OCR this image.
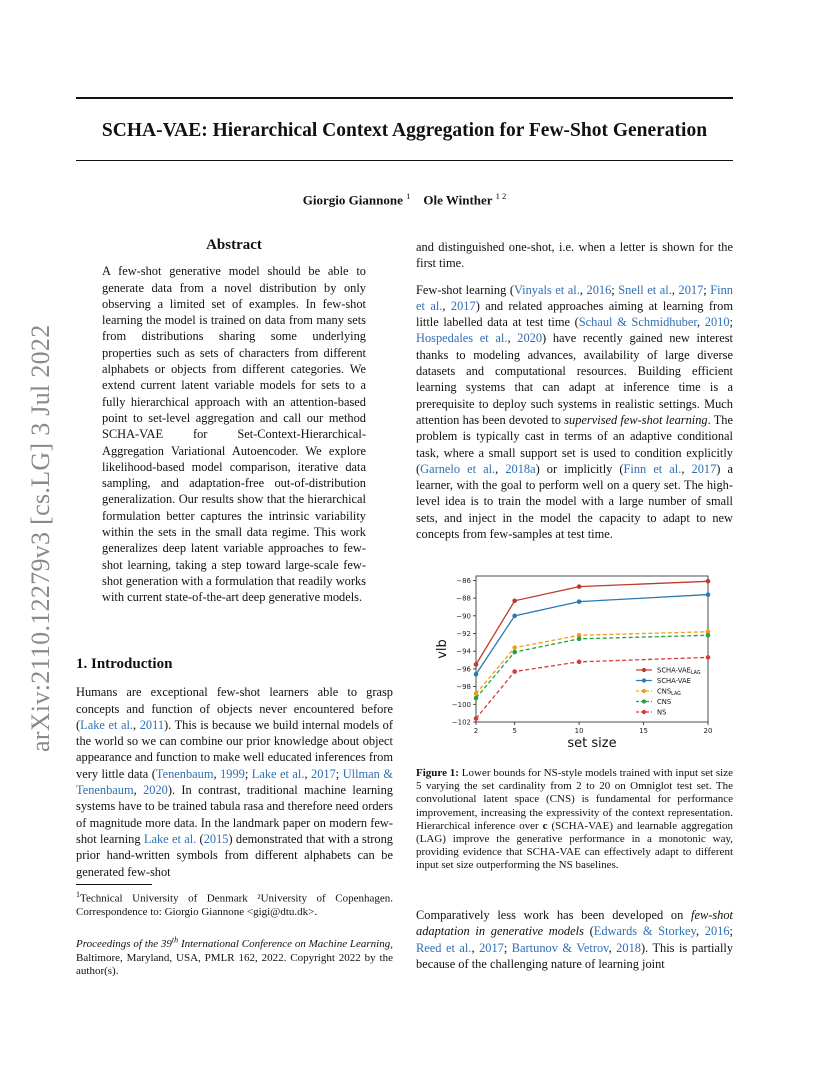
SCHA-VAE: Hierarchical Context Aggregation for Few-Shot Generation
Giorgio Giannone $^1$ Ole Winther $^{1 2}$
arXiv:2110.12279v3 [cs.LG] 3 Jul 2022
Abstract

A few-shot generative model should be able to generate data from a novel distribution by only observing a limited set of examples. In few-shot learning the model is trained on data from many sets from distributions sharing some underlying properties such as sets of characters from different alphabets or objects from different categories. We extend current latent variable models for sets to a fully hierarchical approach with an attention-based point to set-level aggregation and call our method SCHA-VAE for Set-Context-Hierarchical-Aggregation Variational Autoencoder. We explore likelihood-based model comparison, iterative data sampling, and adaptation-free out-of-distribution generalization. Our results show that the hierarchical formulation better captures the intrinsic variability within the sets in the small data regime. This work generalizes deep latent variable approaches to few-shot learning, taking a step toward large-scale few-shot generation with a formulation that readily works with current state-of-the-art deep generative models.

1. Introduction

Humans are exceptional few-shot learners able to grasp concepts and function of objects never encountered before (Lake et al., 2011). This is because we build internal models of the world so we can combine our prior knowledge about object appearance and function to make well educated inferences from very little data (Tenenbaum, 1999; Lake et al., 2017; Ullman & Tenenbaum, 2020). In contrast, traditional machine learning systems have to be trained tabula rasa and therefore need orders of magnitude more data. In the landmark paper on modern few-shot learning Lake et al. (2015) demonstrated that with a strong prior hand-written symbols from different alphabets can be generated few-shot

$^1$Technical University of Denmark ²University of Copenhagen. Correspondence to: Giorgio Giannone <gigi@dtu.dk>.

Proceedings of the 39th International Conference on Machine Learning, Baltimore, Maryland, USA, PMLR 162, 2022. Copyright 2022 by the author(s).

and distinguished one-shot, i.e. when a letter is shown for the first time.

Few-shot learning (Vinyals et al., 2016; Snell et al., 2017; Finn et al., 2017) and related approaches aiming at learning from little labelled data at test time (Schaul & Schmidhuber, 2010; Hospedales et al., 2020) have recently gained new interest thanks to modeling advances, availability of large diverse datasets and computational resources. Building efficient learning systems that can adapt at inference time is a prerequisite to deploy such systems in realistic settings. Much attention has been devoted to supervised few-shot learning. The problem is typically cast in terms of an adaptive conditional task, where a small support set is used to condition explicitly (Garnelo et al., 2018a) or implicitly (Finn et al., 2017) a learner, with the goal to perform well on a query set. The high-level idea is to train the model with a large number of small sets, and inject in the model the capacity to adapt to new concepts from few-samples at test time.

−86
−88
−90
−92
−94
−96
−98
−100
−102
2	5	10	15	20
set size
vlb
SCHA-$VAE_{LAG}$
SCHA-VAE
$CNS_{LAG}$
CNS
NS

Figure 1: Lower bounds for NS-style models trained with input set size 5 varying the set cardinality from 2 to 20 on Omniglot test set. The convolutional latent space (CNS) is fundamental for performance improvement, increasing the expressivity of the context representation. Hierarchical inference over c (SCHA-VAE) and learnable aggregation (LAG) improve the generative performance in a monotonic way, providing evidence that SCHA-VAE can effectively adapt to different input set size outperforming the NS baselines.

Comparatively less work has been developed on few-shot adaptation in generative models (Edwards & Storkey, 2016; Reed et al., 2017; Bartunov & Vetrov, 2018). This is partially because of the challenging nature of learning joint
